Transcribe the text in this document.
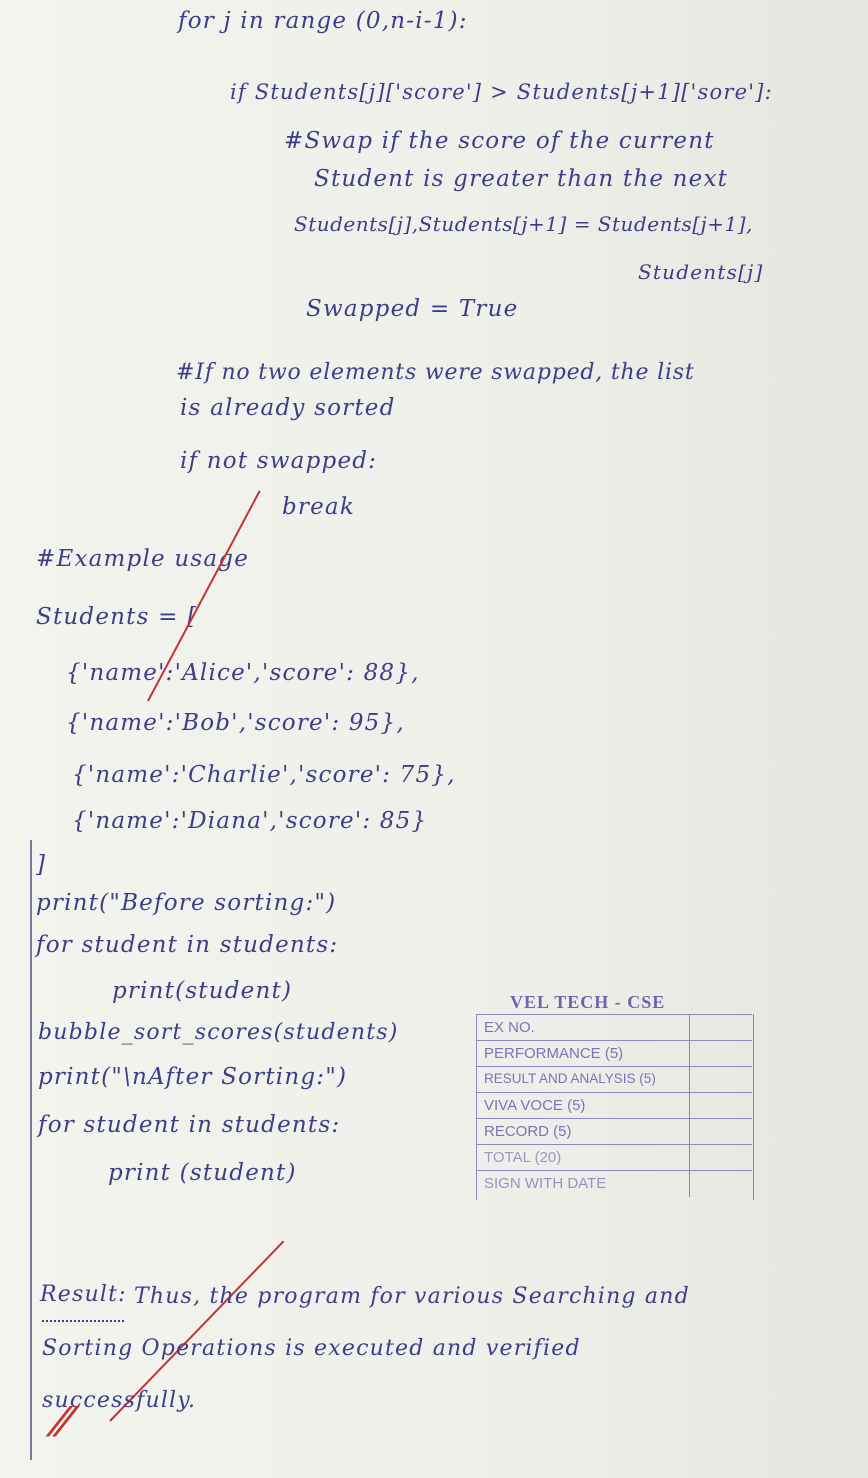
for j in range (0,n-i-1):
if Students[j]['score'] > Students[j+1]['sore']:
#Swap if the score of the current
Student is greater than the next
Students[j],Students[j+1] = Students[j+1],
Students[j]
Swapped = True
#If no two elements were swapped, the list
is already sorted
if not swapped:
break
#Example usage
Students = [
{'name':'Alice','score': 88},
{'name':'Bob','score': 95},
{'name':'Charlie','score': 75},
{'name':'Diana','score': 85}
]
print("Before sorting:")
for student in students:
print(student)
bubble_sort_scores(students)
print("\nAfter Sorting:")
for student in students:
print (student)
VEL TECH - CSE
EX NO.
PERFORMANCE (5)
RESULT AND ANALYSIS (5)
VIVA VOCE (5)
RECORD (5)
TOTAL (20)
SIGN WITH DATE
Result: Thus, the program for various Searching and
Sorting Operations is executed and verified
successfully.
⁄⁄
